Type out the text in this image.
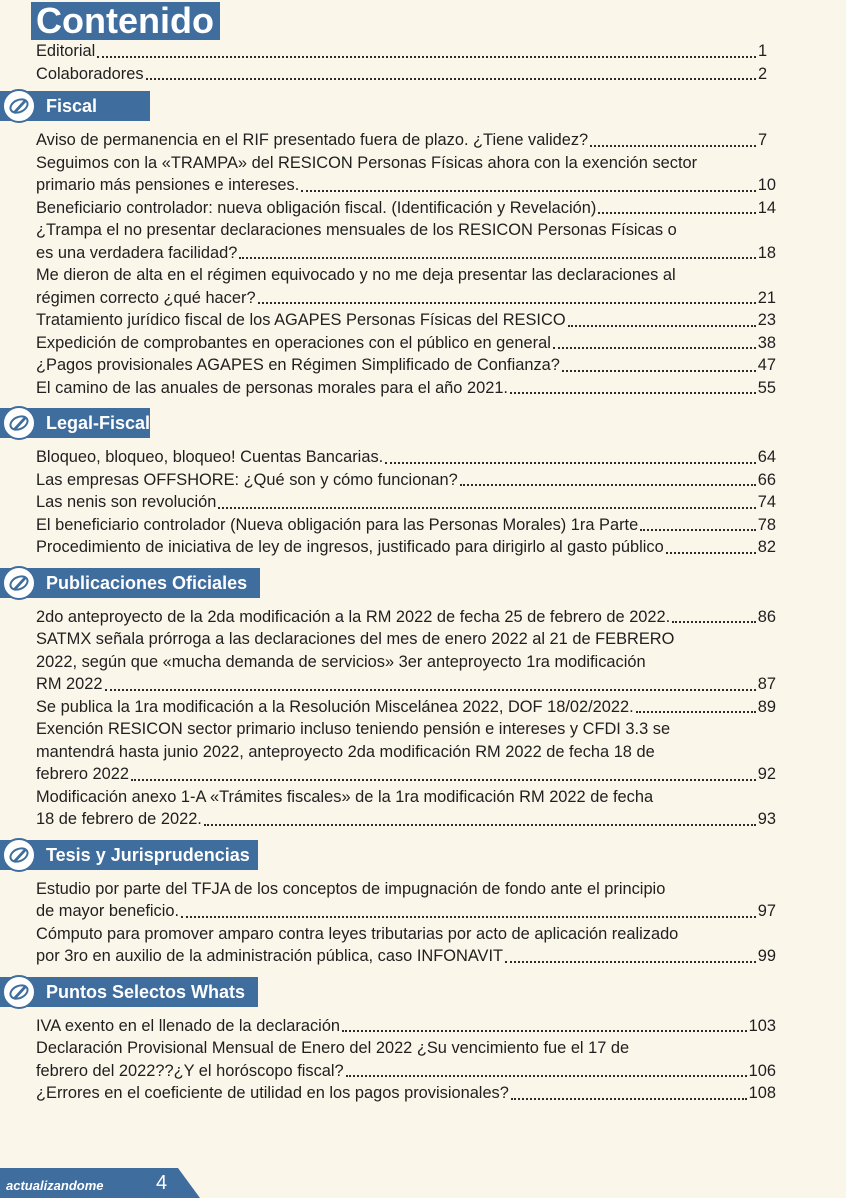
Contenido
Editorial	1
Colaboradores	2
Fiscal
Aviso de permanencia en el RIF presentado fuera de plazo. ¿Tiene validez?	7
Seguimos con la «TRAMPA» del RESICON Personas Físicas ahora con la exención sector
primario más pensiones e intereses.	10
Beneficiario controlador: nueva obligación fiscal. (Identificación y Revelación)	14
¿Trampa el no presentar declaraciones mensuales de los RESICON Personas Físicas o
es una verdadera facilidad?	18
Me dieron de alta en el régimen equivocado y no me deja presentar las declaraciones al
régimen correcto ¿qué hacer?	21
Tratamiento jurídico fiscal de los AGAPES Personas Físicas del RESICO	23
Expedición de comprobantes en operaciones con el público en general	38
¿Pagos provisionales AGAPES en Régimen Simplificado de Confianza?	47
El camino de las anuales de personas morales para el año 2021.	55
Legal-Fiscal
Bloqueo, bloqueo, bloqueo! Cuentas Bancarias.	64
Las empresas OFFSHORE: ¿Qué son y cómo funcionan?	66
Las nenis son revolución	74
El beneficiario controlador (Nueva obligación para las Personas Morales) 1ra Parte	78
Procedimiento de iniciativa de ley de ingresos, justificado para dirigirlo al gasto público	82
Publicaciones Oficiales
2do anteproyecto de la 2da modificación a la RM 2022 de fecha 25 de febrero de 2022.	86
SATMX señala prórroga a las declaraciones del mes de enero 2022 al 21 de FEBRERO
2022, según que «mucha demanda de servicios» 3er anteproyecto 1ra modificación
RM 2022	87
Se publica la 1ra modificación a la Resolución Miscelánea 2022, DOF 18/02/2022.	89
Exención RESICON sector primario incluso teniendo pensión e intereses y CFDI 3.3 se
mantendrá hasta junio 2022, anteproyecto 2da modificación RM 2022 de fecha 18 de
febrero 2022	92
Modificación anexo 1-A «Trámites fiscales» de la 1ra modificación RM 2022 de fecha
18 de febrero de 2022.	93
Tesis y Jurisprudencias
Estudio por parte del TFJA de los conceptos de impugnación de fondo ante el principio
de mayor beneficio.	97
Cómputo para promover amparo contra leyes tributarias por acto de aplicación realizado
por 3ro en auxilio de la administración pública, caso INFONAVIT	99
Puntos Selectos Whats
IVA exento en el llenado de la declaración	103
Declaración Provisional Mensual de Enero del 2022 ¿Su vencimiento fue el 17 de
febrero del 2022??¿Y el horóscopo fiscal?	106
¿Errores en el coeficiente de utilidad en los pagos provisionales?	108
actualizandome	4
